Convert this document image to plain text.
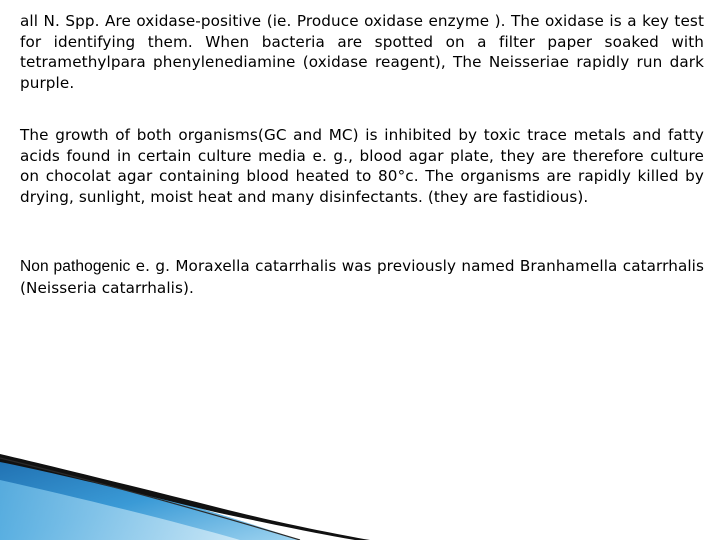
all N. Spp. Are oxidase-positive (ie. Produce oxidase enzyme ). The oxidase is a key test for identifying them. When bacteria are spotted on a filter paper soaked with tetramethylpara phenylenediamine (oxidase reagent), The Neisseriae rapidly run dark purple.

The growth of both organisms(GC and MC) is inhibited by toxic trace metals and fatty acids found in certain culture media e. g., blood agar plate, they are therefore culture on chocolat agar containing blood heated to 80°c. The organisms are rapidly killed by drying, sunlight, moist heat and many disinfectants. (they are fastidious).

Non pathogenic e. g. Moraxella catarrhalis was previously named Branhamella catarrhalis (Neisseria catarrhalis).
